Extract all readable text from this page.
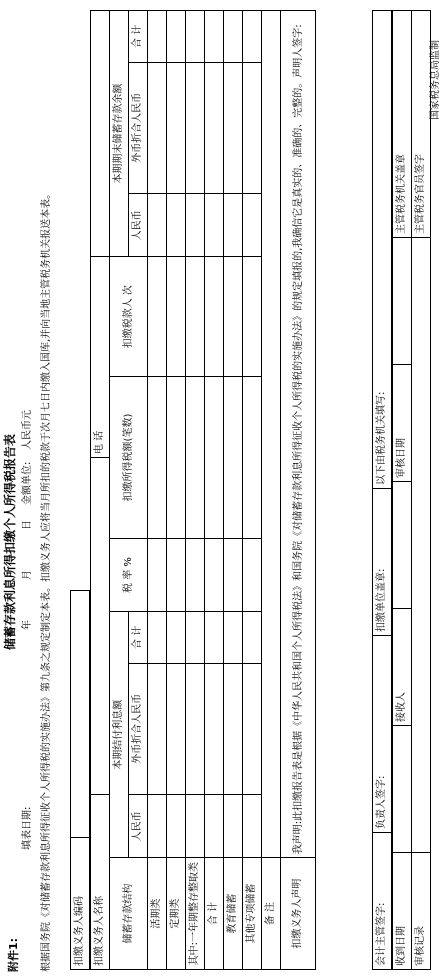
附件1:
储蓄存款利息所得扣缴个人所得税报告表
填表日期:
年
月
日
金额单位:
人民币元 根据国务院《对储蓄存款利息所得征收个人所得税的实施办法》第九条之规定制定本表。扣缴义务人应将当月所扣的税款于次月七日内缴入国库,并向当地主管税务机关报送本表。 扣缴义务人编码	扣缴义务人名称						电 话				
储蓄存款结构	本期结付利息额			税 率 %	扣缴所得税额(笔数)		扣缴税款人 次	本期期末储蓄存款余额		
	人民币	外币折合人民币	合 计					人民币	外币折合人民币	合 计
活期类										
定期类										
其中:一年期整存整取类										
合 计										
教育储蓄										
其他专项储蓄										
备 注										
扣缴义务人声明	我声明:此扣缴报告表是根据《中华人民共和国个人所得税法》和国务院《对储蓄存款利息所得征收个人所得税的实施办法》的规定填报的,我确信它是真实的、准确的、完整的。声明人签字:									
会计主管签字:	负责人签字:	扣缴单位盖章:	以下由税务机关填写:
收到日期		接收人		审核日期		主管税务机关盖章
审核记录						主管税务官员签字
国家税务总局监制
